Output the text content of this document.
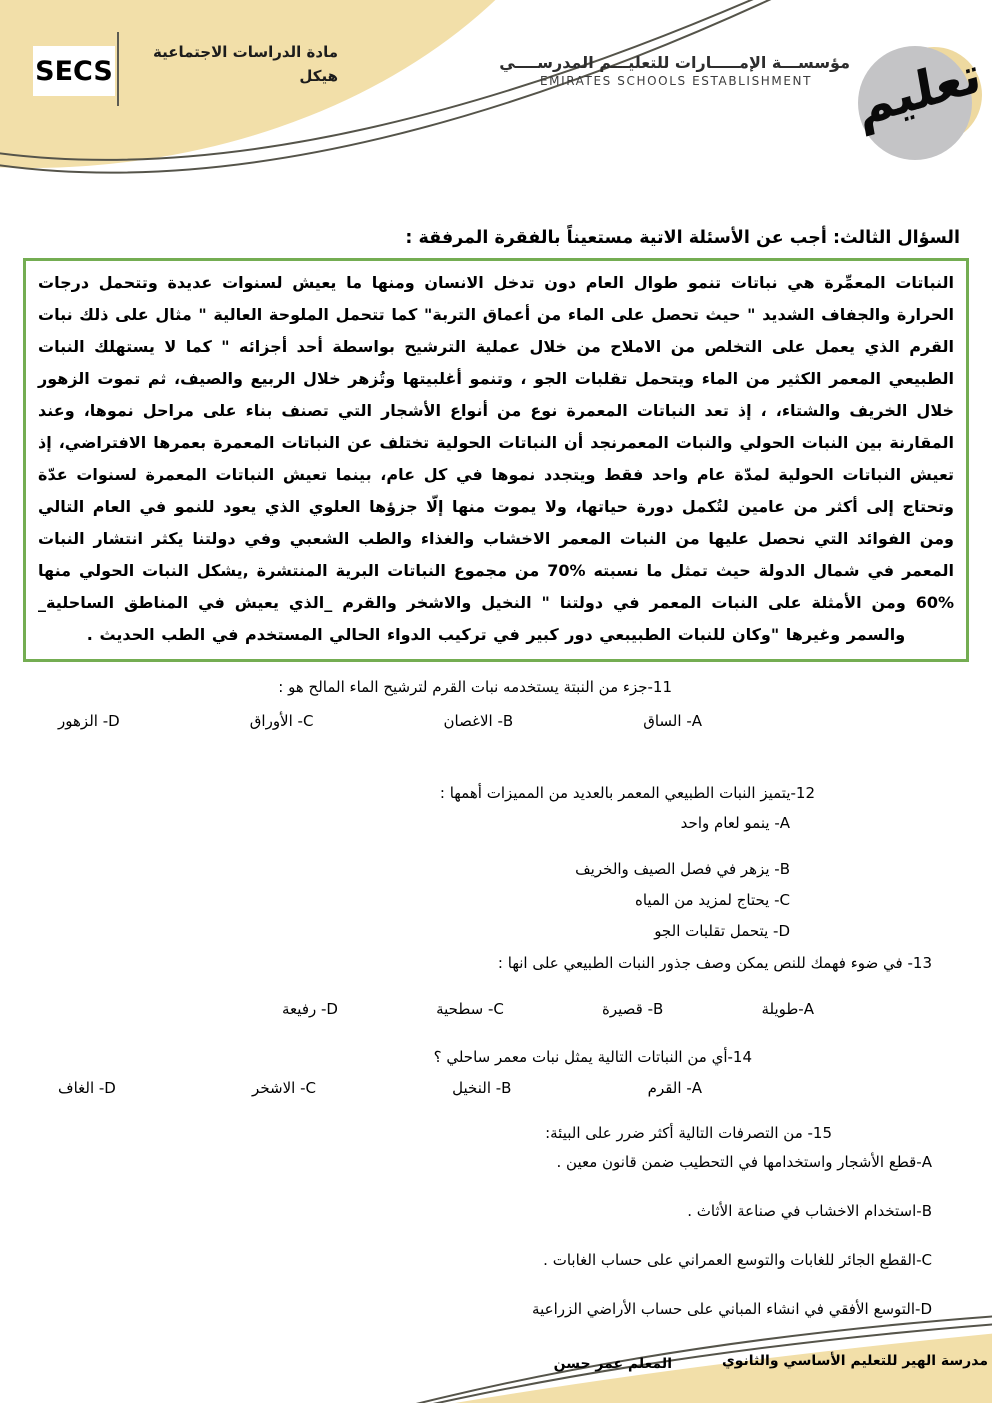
SECS
مادة الدراسات الاجتماعية
هيكل
مؤسســـة الإمـــــارات للتعليـــم المدرســــي
EMIRATES SCHOOLS ESTABLISHMENT تعليم
السؤال الثالث: أجب عن الأسئلة الاتية مستعيناً بالفقرة المرفقة :

النباتات المعمِّرة هي نباتات تنمو طوال العام دون تدخل الانسان ومنها ما يعيش لسنوات عديدة وتتحمل درجات الحرارة والجفاف الشديد " حيث تحصل على الماء من أعماق التربة" كما تتحمل الملوحة العالية " مثال على ذلك نبات القرم الذي يعمل على التخلص من الاملاح من خلال عملية الترشيح بواسطة أحد أجزائه " كما لا يستهلك النبات الطبيعي المعمر الكثير من الماء ويتحمل تقلبات الجو ، وتنمو أغلبيتها وتُزهر خلال الربيع والصيف، ثم تموت الزهور خلال الخريف والشتاء، ، إذ تعد النباتات المعمرة نوع من أنواع الأشجار التي تصنف بناء على مراحل نموها، وعند المقارنة بين النبات الحولي والنبات المعمرنجد أن النباتات الحولية تختلف عن النباتات المعمرة بعمرها الافتراضي، إذ تعيش النباتات الحولية لمدّة عام واحد فقط ويتجدد نموها في كل عام، بينما تعيش النباتات المعمرة لسنوات عدّة وتحتاج إلى أكثر من عامين لتُكمل دورة حياتها، ولا يموت منها إلّا جزؤها العلوي الذي يعود للنمو في العام التالي ومن الفوائد التي نحصل عليها من النبات المعمر الاخشاب والغذاء والطب الشعبي وفي دولتنا يكثر انتشار النبات المعمر في شمال الدولة حيث تمثل ما نسبته %70 من مجموع النباتات البرية المنتشرة ,يشكل النبات الحولي منها %60 ومن الأمثلة على النبات المعمر في دولتنا " النخيل والاشخر والقرم _الذي يعيش في المناطق الساحلية_ والسمر وغيرها "وكان للنبات الطبيبعي دور كبير في تركيب الدواء الحالي المستخدم في الطب الحديث .

11-جزء من النبتة يستخدمه نبات القرم لترشيح الماء المالح هو :

A- الساق
B- الاغصان
C- الأوراق
D- الزهور

12-يتميز النبات الطبيعي المعمر بالعديد من المميزات أهمها :

A- ينمو لعام واحد

B- يزهر في فصل الصيف والخريف

C- يحتاج لمزيد من المياه

D- يتحمل تقلبات الجو

13- في ضوء فهمك للنص يمكن وصف جذور النبات الطبيعي على انها :

A-طويلة
B- قصيرة
C- سطحية
D- رفيعة

14-أي من النباتات التالية يمثل نبات معمر ساحلي ؟

A- القرم
B- النخيل
C- الاشخر
D- الغاف

15- من التصرفات التالية أكثر ضرر على البيئة:

A-قطع الأشجار واستخدامها في التحطيب ضمن قانون معين .

B-استخدام الاخشاب في صناعة الأثاث .

C-القطع الجائر للغابات والتوسع العمراني على حساب الغابات .

D-التوسع الأفقي في انشاء المباني على حساب الأراضي الزراعية

المعلم عمر حسن	مدرسة الهير للتعليم الأساسي والثانوي
